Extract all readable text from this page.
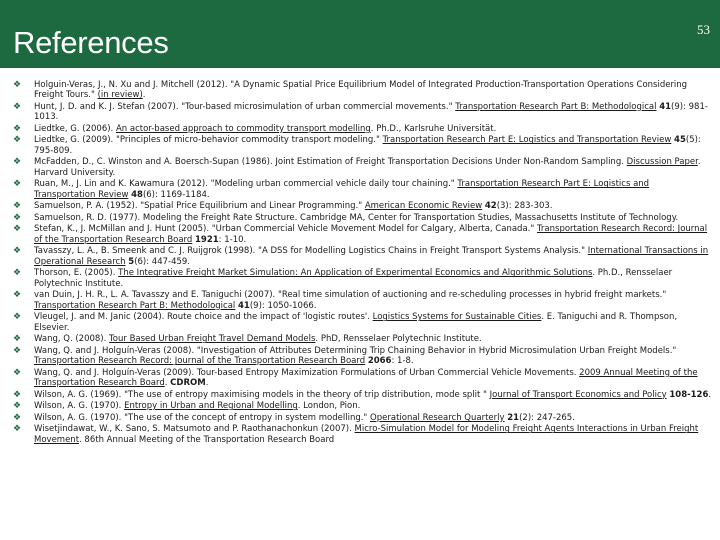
References	53
❖ Holguin-Veras, J., N. Xu and J. Mitchell (2012). "A Dynamic Spatial Price Equilibrium Model of Integrated Production-Transportation Operations Considering Freight Tours." (in review).
❖ Hunt, J. D. and K. J. Stefan (2007). "Tour-based microsimulation of urban commercial movements." Transportation Research Part B: Methodological 41(9): 981-1013.
❖ Liedtke, G. (2006). An actor-based approach to commodity transport modelling. Ph.D., Karlsruhe Universität.
❖ Liedtke, G. (2009). "Principles of micro-behavior commodity transport modeling." Transportation Research Part E: Logistics and Transportation Review 45(5): 795-809.
❖ McFadden, D., C. Winston and A. Boersch-Supan (1986). Joint Estimation of Freight Transportation Decisions Under Non-Random Sampling. Discussion Paper. Harvard University.
❖ Ruan, M., J. Lin and K. Kawamura (2012). "Modeling urban commercial vehicle daily tour chaining." Transportation Research Part E: Logistics and Transportation Review 48(6): 1169-1184.
❖ Samuelson, P. A. (1952). "Spatial Price Equilibrium and Linear Programming." American Economic Review 42(3): 283-303.
❖ Samuelson, R. D. (1977). Modeling the Freight Rate Structure. Cambridge MA, Center for Transportation Studies, Massachusetts Institute of Technology.
❖ Stefan, K., J. McMillan and J. Hunt (2005). "Urban Commercial Vehicle Movement Model for Calgary, Alberta, Canada." Transportation Research Record: Journal of the Transportation Research Board 1921: 1-10.
❖ Tavasszy, L. A., B. Smeenk and C. J. Ruijgrok (1998). "A DSS for Modelling Logistics Chains in Freight Transport Systems Analysis." International Transactions in Operational Research 5(6): 447-459.
❖ Thorson, E. (2005). The Integrative Freight Market Simulation: An Application of Experimental Economics and Algorithmic Solutions. Ph.D., Rensselaer Polytechnic Institute.
❖ van Duin, J. H. R., L. A. Tavasszy and E. Taniguchi (2007). "Real time simulation of auctioning and re-scheduling processes in hybrid freight markets." Transportation Research Part B: Methodological 41(9): 1050-1066.
❖ Vleugel, J. and M. Janic (2004). Route choice and the impact of 'logistic routes'. Logistics Systems for Sustainable Cities. E. Taniguchi and R. Thompson, Elsevier.
❖ Wang, Q. (2008). Tour Based Urban Freight Travel Demand Models. PhD, Rensselaer Polytechnic Institute.
❖ Wang, Q. and J. Holguín-Veras (2008). "Investigation of Attributes Determining Trip Chaining Behavior in Hybrid Microsimulation Urban Freight Models." Transportation Research Record: Journal of the Transportation Research Board 2066: 1-8.
❖ Wang, Q. and J. Holguín-Veras (2009). Tour-based Entropy Maximization Formulations of Urban Commercial Vehicle Movements. 2009 Annual Meeting of the Transportation Research Board. CDROM.
❖ Wilson, A. G. (1969). "The use of entropy maximising models in the theory of trip distribution, mode split " Journal of Transport Economics and Policy 108-126.
❖ Wilson, A. G. (1970). Entropy in Urban and Regional Modelling. London, Pion.
❖ Wilson, A. G. (1970). "The use of the concept of entropy in system modelling." Operational Research Quarterly 21(2): 247-265.
❖ Wisetjindawat, W., K. Sano, S. Matsumoto and P. Raothanachonkun (2007). Micro-Simulation Model for Modeling Freight Agents Interactions in Urban Freight Movement. 86th Annual Meeting of the Transportation Research Board
